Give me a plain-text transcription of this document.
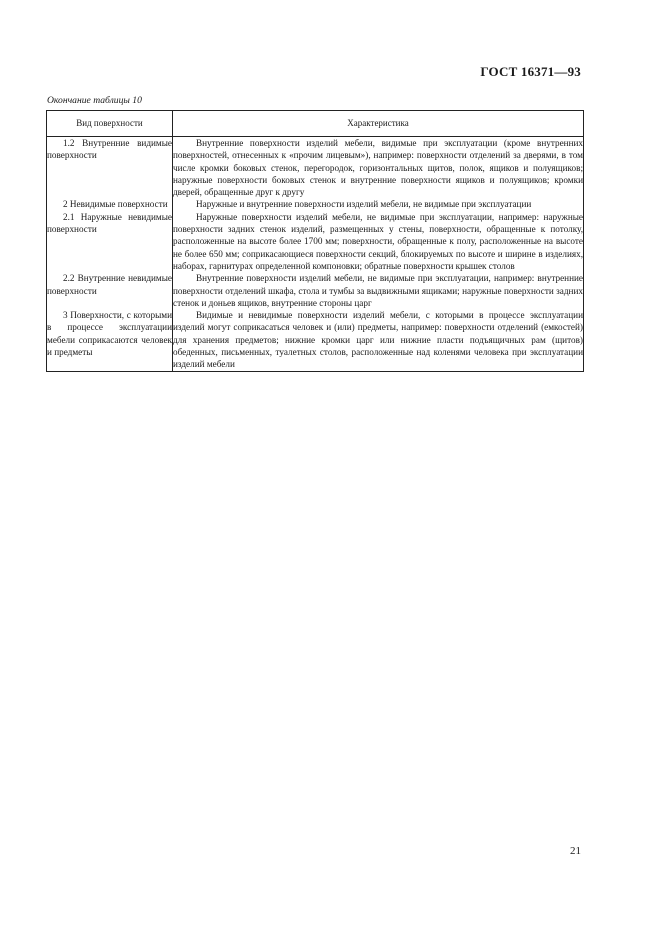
ГОСТ 16371—93
Окончание таблицы 10
Вид поверхности	Характеристика
1.2 Внутренние видимые поверхности	Внутренние поверхности изделий мебели, видимые при эксплуатации (кроме внутренних поверхностей, отнесенных к «прочим лицевым»), например: поверхности отделений за дверями, в том числе кромки боковых стенок, перегородок, горизонтальных щитов, полок, ящиков и полуящиков; наружные поверхности боковых стенок и внутренние поверхности ящиков и полуящиков; кромки дверей, обращенные друг к другу
2 Невидимые поверхности	Наружные и внутренние поверхности изделий мебели, не видимые при эксплуатации
2.1 Наружные невидимые поверхности	Наружные поверхности изделий мебели, не видимые при эксплуатации, например: наружные поверхности задних стенок изделий, размещенных у стены, поверхности, обращенные к потолку, расположенные на высоте более 1700 мм; поверхности, обращенные к полу, расположенные на высоте не более 650 мм; соприкасающиеся поверхности секций, блокируемых по высоте и ширине в изделиях, наборах, гарнитурах определенной компоновки; обратные поверхности крышек столов
2.2 Внутренние невидимые поверхности	Внутренние поверхности изделий мебели, не видимые при эксплуатации, например: внутренние поверхности отделений шкафа, стола и тумбы за выдвижными ящиками; наружные поверхности задних стенок и доньев ящиков, внутренние стороны царг
3 Поверхности, с которыми в процессе эксплуатации мебели соприкасаются человек и предметы	Видимые и невидимые поверхности изделий мебели, с которыми в процессе эксплуатации изделий могут соприкасаться человек и (или) предметы, например: поверхности отделений (емкостей) для хранения предметов; нижние кромки царг или нижние пласти подъящичных рам (щитов) обеденных, письменных, туалетных столов, расположенные над коленями человека при эксплуатации изделий мебели
21
